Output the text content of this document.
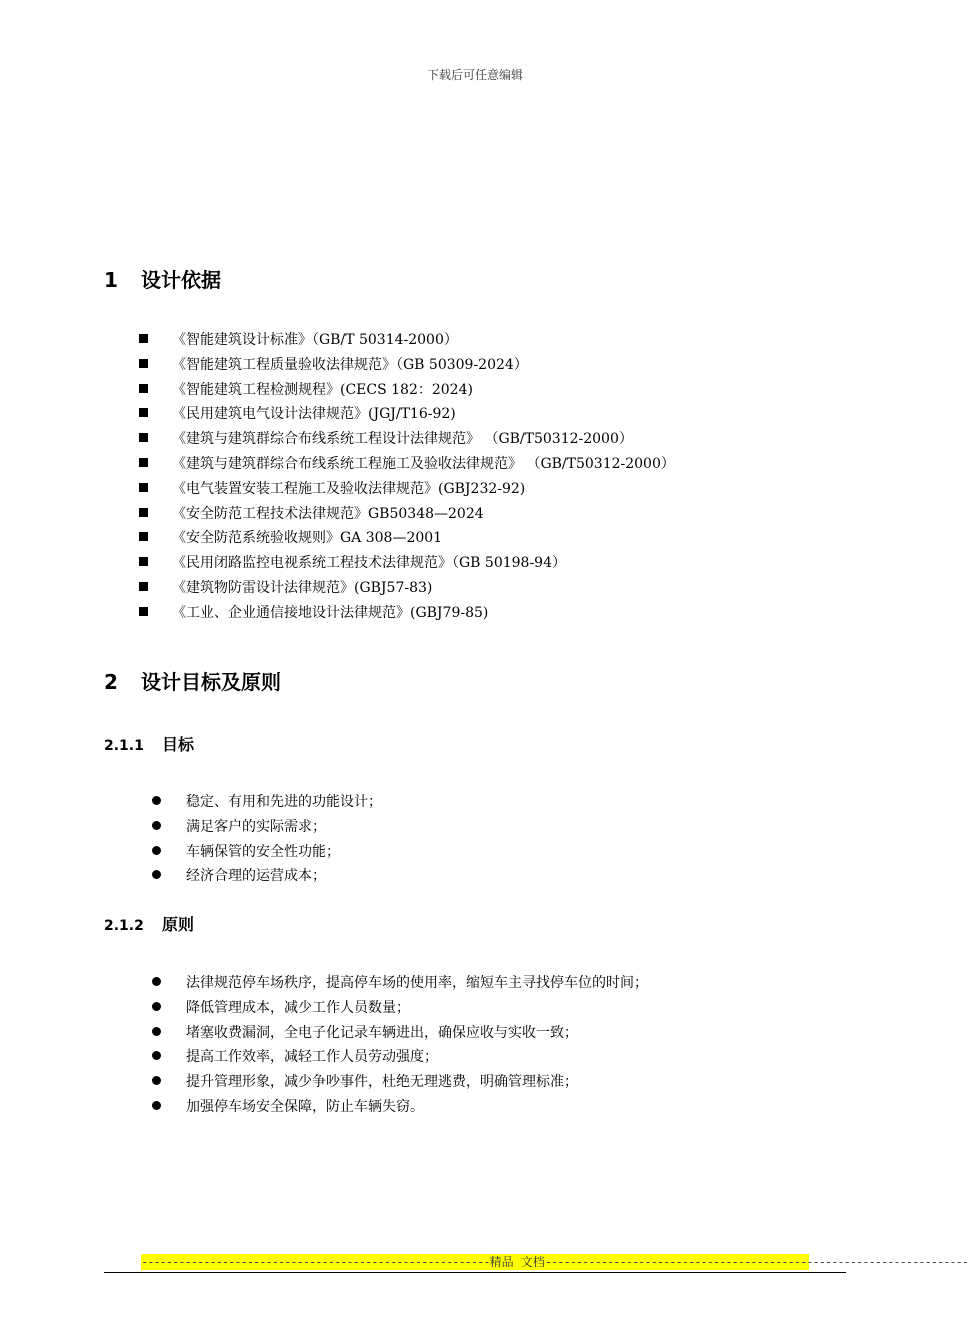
下载后可任意编辑
1 设计依据
《智能建筑设计标准》（GB/T 50314-2000）
《智能建筑工程质量验收法律规范》（GB 50309-2024）
《智能建筑工程检测规程》(CECS 182：2024)
《民用建筑电气设计法律规范》(JGJ/T16-92)
《建筑与建筑群综合布线系统工程设计法律规范》 （GB/T50312-2000）
《建筑与建筑群综合布线系统工程施工及验收法律规范》 （GB/T50312-2000）
《电气装置安装工程施工及验收法律规范》(GBJ232-92)
《安全防范工程技术法律规范》GB50348—2024
《安全防范系统验收规则》GA 308—2001
《民用闭路监控电视系统工程技术法律规范》（GB 50198-94）
《建筑物防雷设计法律规范》(GBJ57-83)
《工业、企业通信接地设计法律规范》(GBJ79-85)
2 设计目标及原则
2.1.1 目标
稳定、有用和先进的功能设计；
满足客户的实际需求；
车辆保管的安全性功能；
经济合理的运营成本；
2.1.2 原则
法律规范停车场秩序，提高停车场的使用率，缩短车主寻找停车位的时间；
降低管理成本，减少工作人员数量；
堵塞收费漏洞，全电子化记录车辆进出，确保应收与实收一致；
提高工作效率，减轻工作人员劳动强度；
提升管理形象，减少争吵事件，杜绝无理逃费，明确管理标准；
加强停车场安全保障，防止车辆失窃。
--------------------------------------------------------精品 文档--------------------------------------------------------------------
